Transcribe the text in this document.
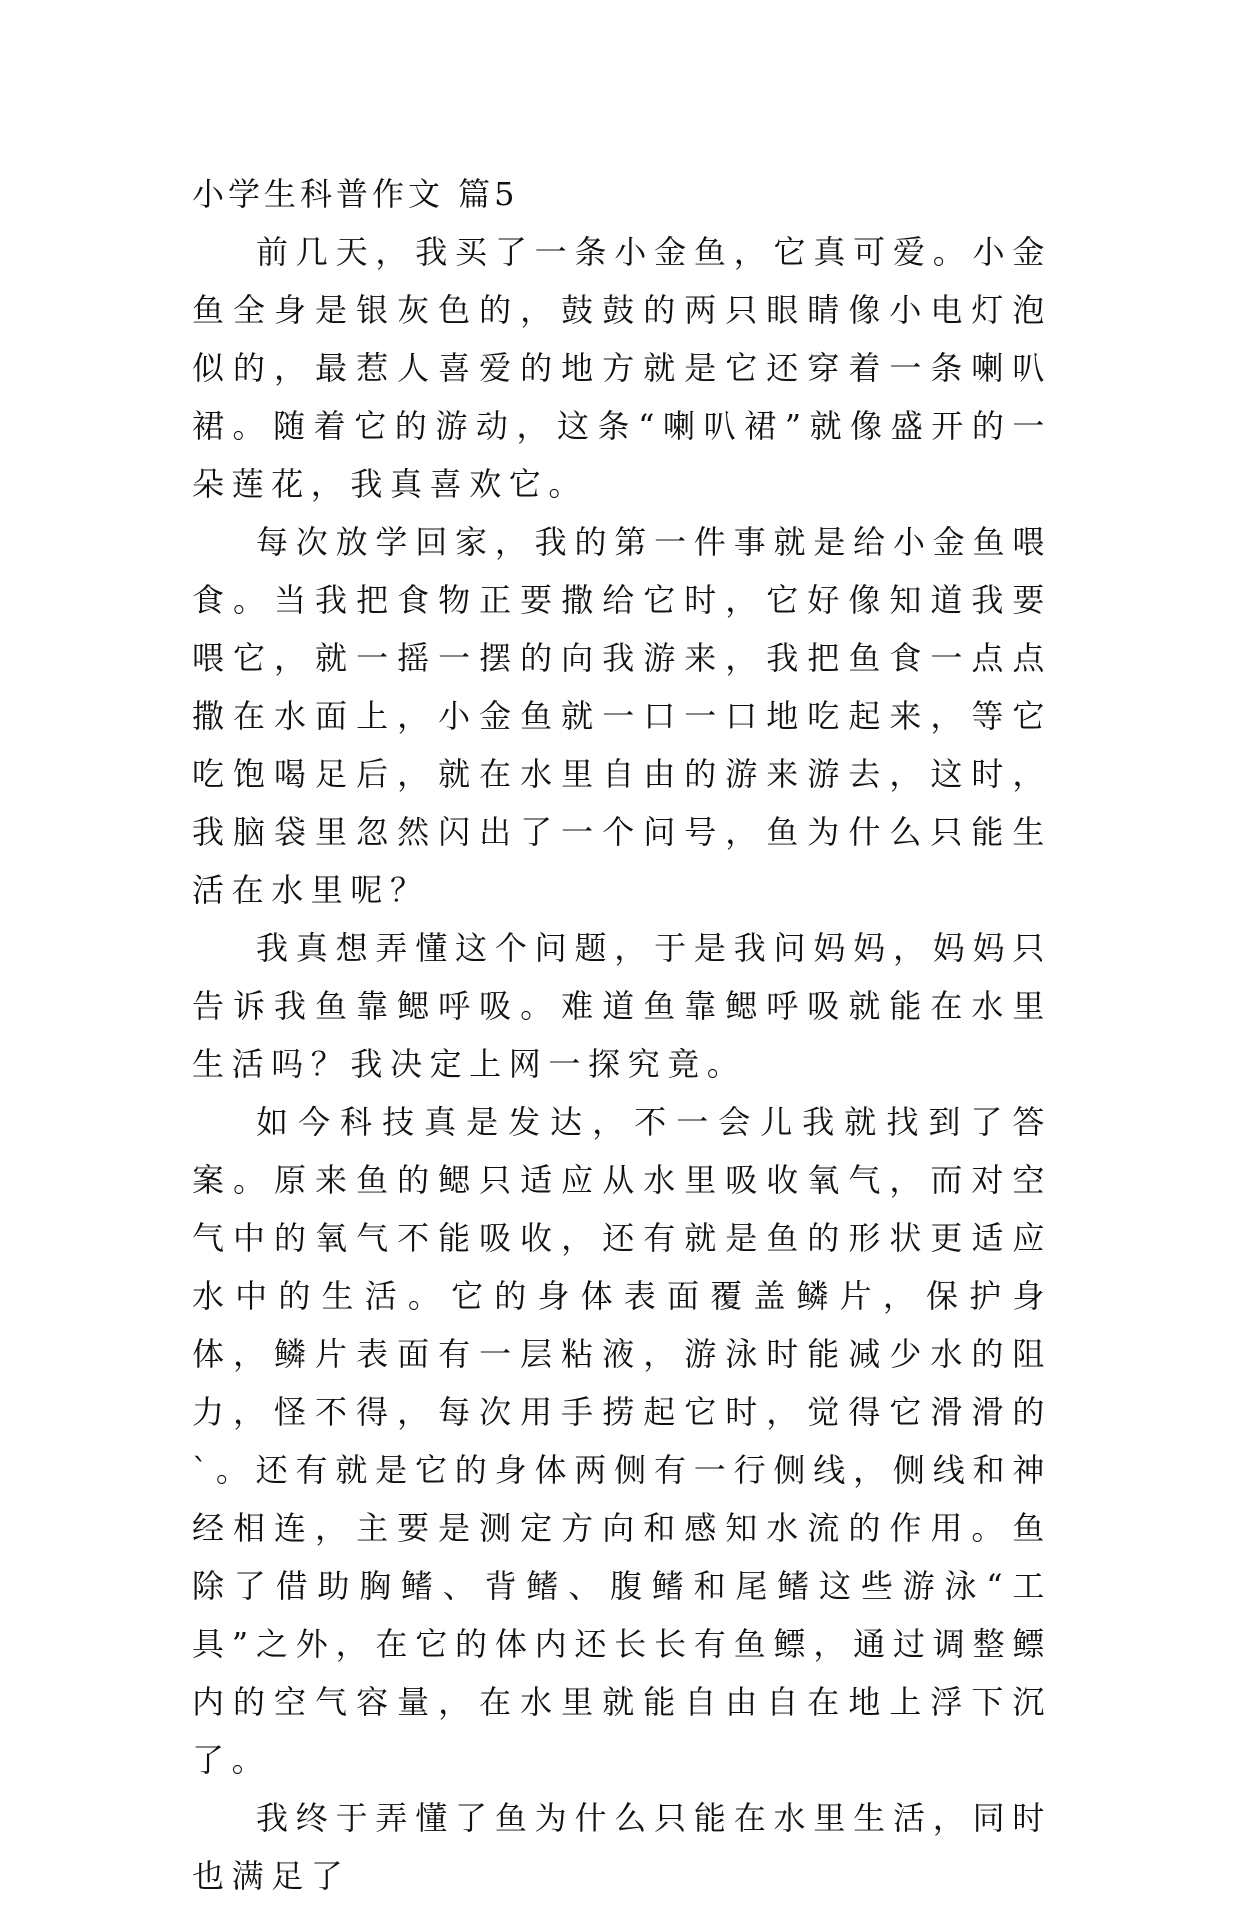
小学生科普作文 篇5

前几天，我买了一条小金鱼，它真可爱。小金鱼全身是银灰色的，鼓鼓的两只眼睛像小电灯泡似的，最惹人喜爱的地方就是它还穿着一条喇叭裙。随着它的游动，这条“喇叭裙”就像盛开的一朵莲花，我真喜欢它。

每次放学回家，我的第一件事就是给小金鱼喂食。当我把食物正要撒给它时，它好像知道我要喂它，就一摇一摆的向我游来，我把鱼食一点点撒在水面上，小金鱼就一口一口地吃起来，等它吃饱喝足后，就在水里自由的游来游去，这时，我脑袋里忽然闪出了一个问号，鱼为什么只能生活在水里呢？

我真想弄懂这个问题，于是我问妈妈，妈妈只告诉我鱼靠鳃呼吸。难道鱼靠鳃呼吸就能在水里生活吗？我决定上网一探究竟。

如今科技真是发达，不一会儿我就找到了答案。原来鱼的鳃只适应从水里吸收氧气，而对空气中的氧气不能吸收，还有就是鱼的形状更适应水中的生活。它的身体表面覆盖鳞片，保护身体，鳞片表面有一层粘液，游泳时能减少水的阻力，怪不得，每次用手捞起它时，觉得它滑滑的`。还有就是它的身体两侧有一行侧线，侧线和神经相连，主要是测定方向和感知水流的作用。鱼除了借助胸鳍、背鳍、腹鳍和尾鳍这些游泳“工具”之外，在它的体内还长长有鱼鳔，通过调整鳔内的空气容量，在水里就能自由自在地上浮下沉了。

我终于弄懂了鱼为什么只能在水里生活，同时也满足了
